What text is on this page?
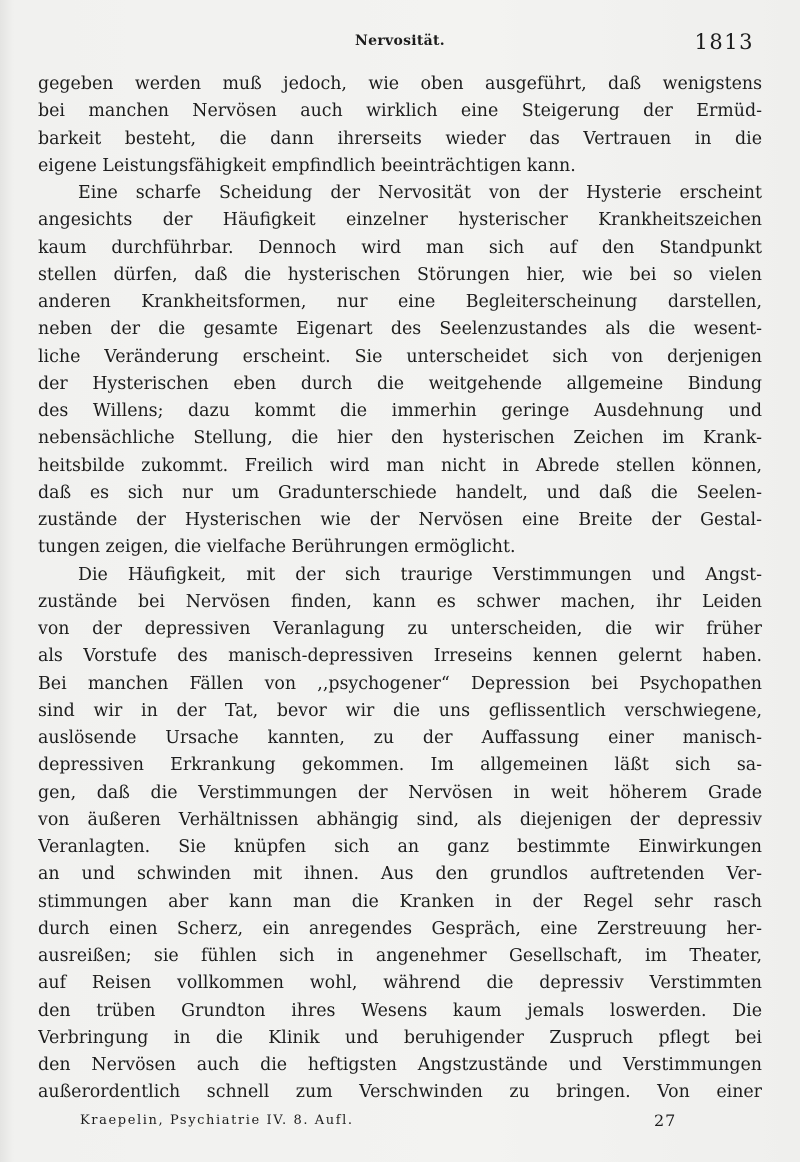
Nervosität.	1813
gegeben werden muß jedoch, wie oben ausgeführt, daß wenigstens
bei manchen Nervösen auch wirklich eine Steigerung der Ermüd-
barkeit besteht, die dann ihrerseits wieder das Vertrauen in die
eigene Leistungsfähigkeit empfindlich beeinträchtigen kann.
Eine scharfe Scheidung der Nervosität von der Hysterie erscheint
angesichts der Häufigkeit einzelner hysterischer Krankheitszeichen
kaum durchführbar. Dennoch wird man sich auf den Standpunkt
stellen dürfen, daß die hysterischen Störungen hier, wie bei so vielen
anderen Krankheitsformen, nur eine Begleiterscheinung darstellen,
neben der die gesamte Eigenart des Seelenzustandes als die wesent-
liche Veränderung erscheint. Sie unterscheidet sich von derjenigen
der Hysterischen eben durch die weitgehende allgemeine Bindung
des Willens; dazu kommt die immerhin geringe Ausdehnung und
nebensächliche Stellung, die hier den hysterischen Zeichen im Krank-
heitsbilde zukommt. Freilich wird man nicht in Abrede stellen können,
daß es sich nur um Gradunterschiede handelt, und daß die Seelen-
zustände der Hysterischen wie der Nervösen eine Breite der Gestal-
tungen zeigen, die vielfache Berührungen ermöglicht.
Die Häufigkeit, mit der sich traurige Verstimmungen und Angst-
zustände bei Nervösen finden, kann es schwer machen, ihr Leiden
von der depressiven Veranlagung zu unterscheiden, die wir früher
als Vorstufe des manisch-depressiven Irreseins kennen gelernt haben.
Bei manchen Fällen von ,,psychogener“ Depression bei Psychopathen
sind wir in der Tat, bevor wir die uns geflissentlich verschwiegene,
auslösende Ursache kannten, zu der Auffassung einer manisch-
depressiven Erkrankung gekommen. Im allgemeinen läßt sich sa-
gen, daß die Verstimmungen der Nervösen in weit höherem Grade
von äußeren Verhältnissen abhängig sind, als diejenigen der depressiv
Veranlagten. Sie knüpfen sich an ganz bestimmte Einwirkungen
an und schwinden mit ihnen. Aus den grundlos auftretenden Ver-
stimmungen aber kann man die Kranken in der Regel sehr rasch
durch einen Scherz, ein anregendes Gespräch, eine Zerstreuung her-
ausreißen; sie fühlen sich in angenehmer Gesellschaft, im Theater,
auf Reisen vollkommen wohl, während die depressiv Verstimmten
den trüben Grundton ihres Wesens kaum jemals loswerden. Die
Verbringung in die Klinik und beruhigender Zuspruch pflegt bei
den Nervösen auch die heftigsten Angstzustände und Verstimmungen
außerordentlich schnell zum Verschwinden zu bringen. Von einer
Kraepelin, Psychiatrie IV. 8. Aufl.	27
